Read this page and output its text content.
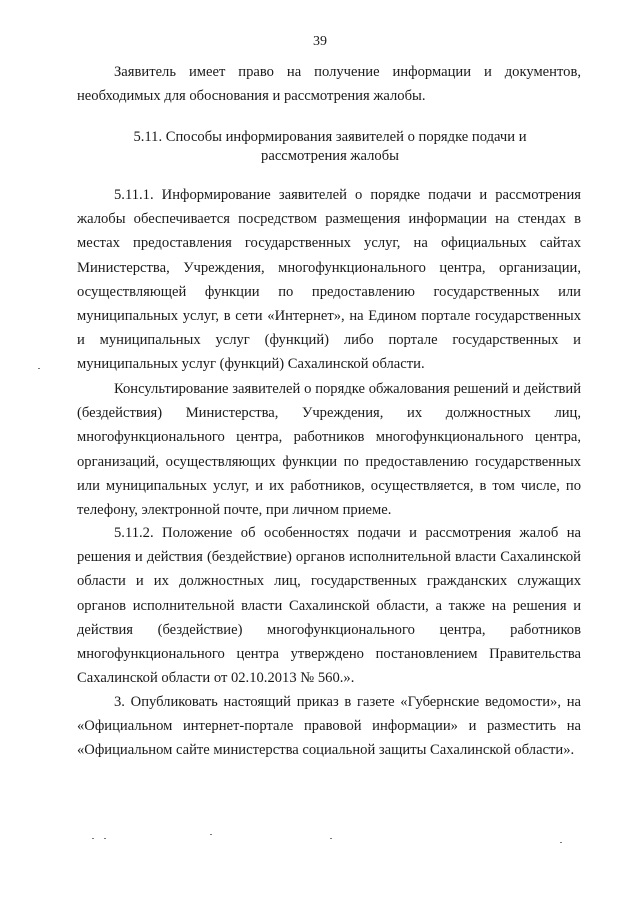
39

Заявитель имеет право на получение информации и документов, необходимых для обоснования и рассмотрения жалобы.

5.11. Способы информирования заявителей о порядке подачи и рассмотрения жалобы

5.11.1. Информирование заявителей о порядке подачи и рассмотрения жалобы обеспечивается посредством размещения информации на стендах в местах предоставления государственных услуг, на официальных сайтах Министерства, Учреждения, многофункционального центра, организации, осуществляющей функции по предоставлению государственных или муниципальных услуг, в сети «Интернет», на Едином портале государственных и муниципальных услуг (функций) либо портале государственных и муниципальных услуг (функций) Сахалинской области.

Консультирование заявителей о порядке обжалования решений и действий (бездействия) Министерства, Учреждения, их должностных лиц, многофункционального центра, работников многофункционального центра, организаций, осуществляющих функции по предоставлению государственных или муниципальных услуг, и их работников, осуществляется, в том числе, по телефону, электронной почте, при личном приеме.

5.11.2. Положение об особенностях подачи и рассмотрения жалоб на решения и действия (бездействие) органов исполнительной власти Сахалинской области и их должностных лиц, государственных гражданских служащих органов исполнительной власти Сахалинской области, а также на решения и действия (бездействие) многофункционального центра, работников многофункционального центра утверждено постановлением Правительства Сахалинской области от 02.10.2013 № 560.».

3. Опубликовать настоящий приказ в газете «Губернские ведомости», на «Официальном интернет-портале правовой информации» и разместить на «Официальном сайте министерства социальной защиты Сахалинской области».
